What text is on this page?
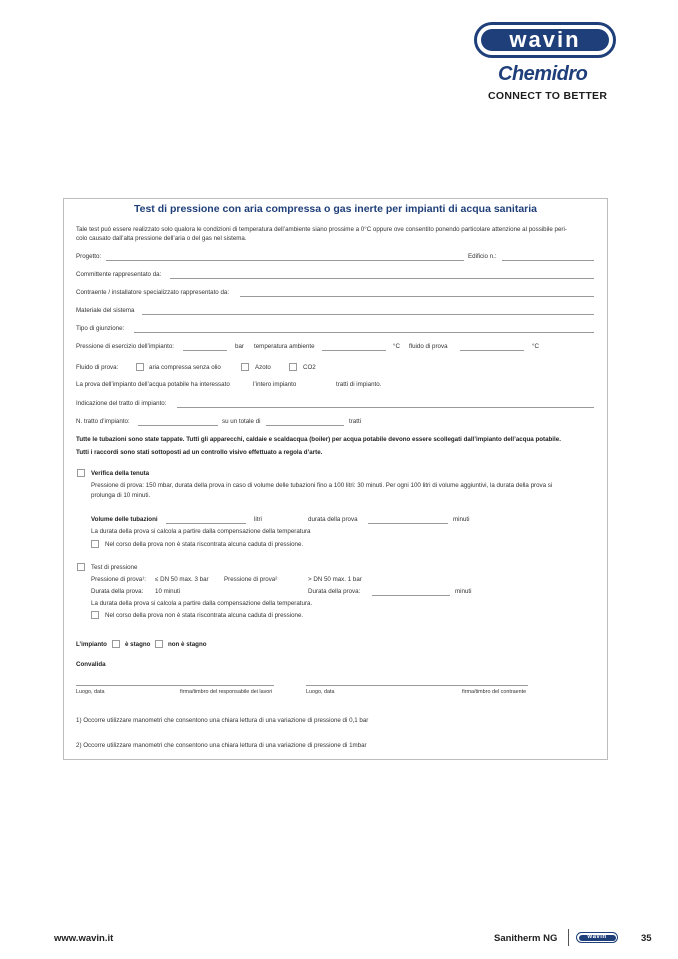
wavin
Chemidro
CONNECT TO BETTER
Test di pressione con aria compressa o gas inerte per impianti di acqua sanitaria
Tale test può essere realizzato solo qualora le condizioni di temperatura dell’ambiente siano prossime a 0°C oppure ove consentito ponendo particolare attenzione al possibile peri-
colo causato dall’alta pressione dell’aria o del gas nel sistema.
Progetto:	Edificio n.:
Committente rappresentato da:
Contraente / installatore specializzato rappresentato da:
Materiale del sistema
Tipo di giunzione:
Pressione di esercizio dell’impianto:	bar temperatura ambiente	°C fluido di prova	°C
Fluido di prova:	aria compressa senza olio	Azoto	CO2
La prova dell’impianto dell’acqua potabile ha interessato	l’intero impianto	tratti di impianto.
Indicazione del tratto di impianto:
N. tratto d’impianto:	su un totale di	tratti
Tutte le tubazioni sono state tappate. Tutti gli apparecchi, caldaie e scaldacqua (boiler) per acqua potabile devono essere scollegati dall’impianto dell’acqua potabile.
Tutti i raccordi sono stati sottoposti ad un controllo visivo effettuato a regola d’arte.
Verifica della tenuta
Pressione di prova: 150 mbar, durata della prova in caso di volume delle tubazioni fino a 100 litri: 30 minuti. Per ogni 100 litri di volume aggiuntivi, la durata della prova si
prolunga di 10 minuti.
Volume delle tubazioni	litri	durata della prova	minuti
La durata della prova si calcola a partire dalla compensazione della temperatura
Nel corso della prova non è stata riscontrata alcuna caduta di pressione.
Test di pressione
Pressione di prova¹: ≤ DN 50 max. 3 bar Pressione di prova²	> DN 50 max. 1 bar
Durata della prova: 10 minuti	Durata della prova:	minuti
La durata della prova si calcola a partire dalla compensazione della temperatura.
Nel corso della prova non è stata riscontrata alcuna caduta di pressione.
L’impianto	è stagno	non è stagno
Convalida
Luogo, data	firma/timbro del responsabile dei lavori	Luogo, data	firma/timbro del contraente
1) Occorre utilizzare manometri che consentono una chiara lettura di una variazione di pressione di 0,1 bar
2) Occorre utilizzare manometri che consentono una chiara lettura di una variazione di pressione di 1mbar
www.wavin.it	Sanitherm NG	wavin	35
